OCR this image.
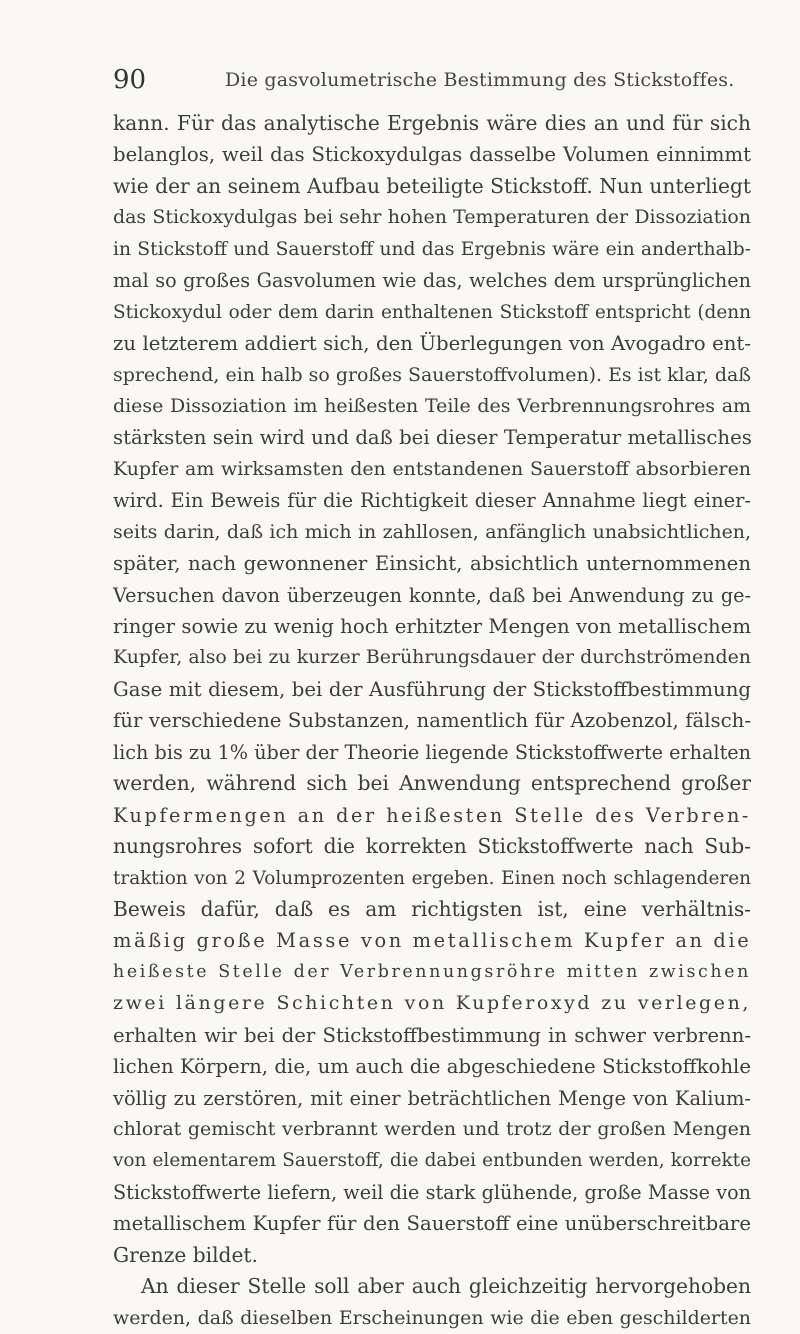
90	Die gasvolumetrische Bestimmung des Stickstoffes.
kann. Für das analytische Ergebnis wäre dies an und für sich
belanglos, weil das Stickoxydulgas dasselbe Volumen einnimmt
wie der an seinem Aufbau beteiligte Stickstoff. Nun unterliegt
das Stickoxydulgas bei sehr hohen Temperaturen der Dissoziation
in Stickstoff und Sauerstoff und das Ergebnis wäre ein anderthalb-
mal so großes Gasvolumen wie das, welches dem ursprünglichen
Stickoxydul oder dem darin enthaltenen Stickstoff entspricht (denn
zu letzterem addiert sich, den Überlegungen von Avogadro ent-
sprechend, ein halb so großes Sauerstoffvolumen). Es ist klar, daß
diese Dissoziation im heißesten Teile des Verbrennungsrohres am
stärksten sein wird und daß bei dieser Temperatur metallisches
Kupfer am wirksamsten den entstandenen Sauerstoff absorbieren
wird. Ein Beweis für die Richtigkeit dieser Annahme liegt einer-
seits darin, daß ich mich in zahllosen, anfänglich unabsichtlichen,
später, nach gewonnener Einsicht, absichtlich unternommenen
Versuchen davon überzeugen konnte, daß bei Anwendung zu ge-
ringer sowie zu wenig hoch erhitzter Mengen von metallischem
Kupfer, also bei zu kurzer Berührungsdauer der durchströmenden
Gase mit diesem, bei der Ausführung der Stickstoffbestimmung
für verschiedene Substanzen, namentlich für Azobenzol, fälsch-
lich bis zu 1% über der Theorie liegende Stickstoffwerte erhalten
werden, während sich bei Anwendung entsprechend großer
Kupfermengen an der heißesten Stelle des Verbren-
nungsrohres sofort die korrekten Stickstoffwerte nach Sub-
traktion von 2 Volumprozenten ergeben. Einen noch schlagenderen
Beweis dafür, daß es am richtigsten ist, eine verhältnis-
mäßig große Masse von metallischem Kupfer an die
heißeste Stelle der Verbrennungsröhre mitten zwischen
zwei längere Schichten von Kupferoxyd zu verlegen,
erhalten wir bei der Stickstoffbestimmung in schwer verbrenn-
lichen Körpern, die, um auch die abgeschiedene Stickstoffkohle
völlig zu zerstören, mit einer beträchtlichen Menge von Kalium-
chlorat gemischt verbrannt werden und trotz der großen Mengen
von elementarem Sauerstoff, die dabei entbunden werden, korrekte
Stickstoffwerte liefern, weil die stark glühende, große Masse von
metallischem Kupfer für den Sauerstoff eine unüberschreitbare
Grenze bildet.
An dieser Stelle soll aber auch gleichzeitig hervorgehoben
werden, daß dieselben Erscheinungen wie die eben geschilderten
